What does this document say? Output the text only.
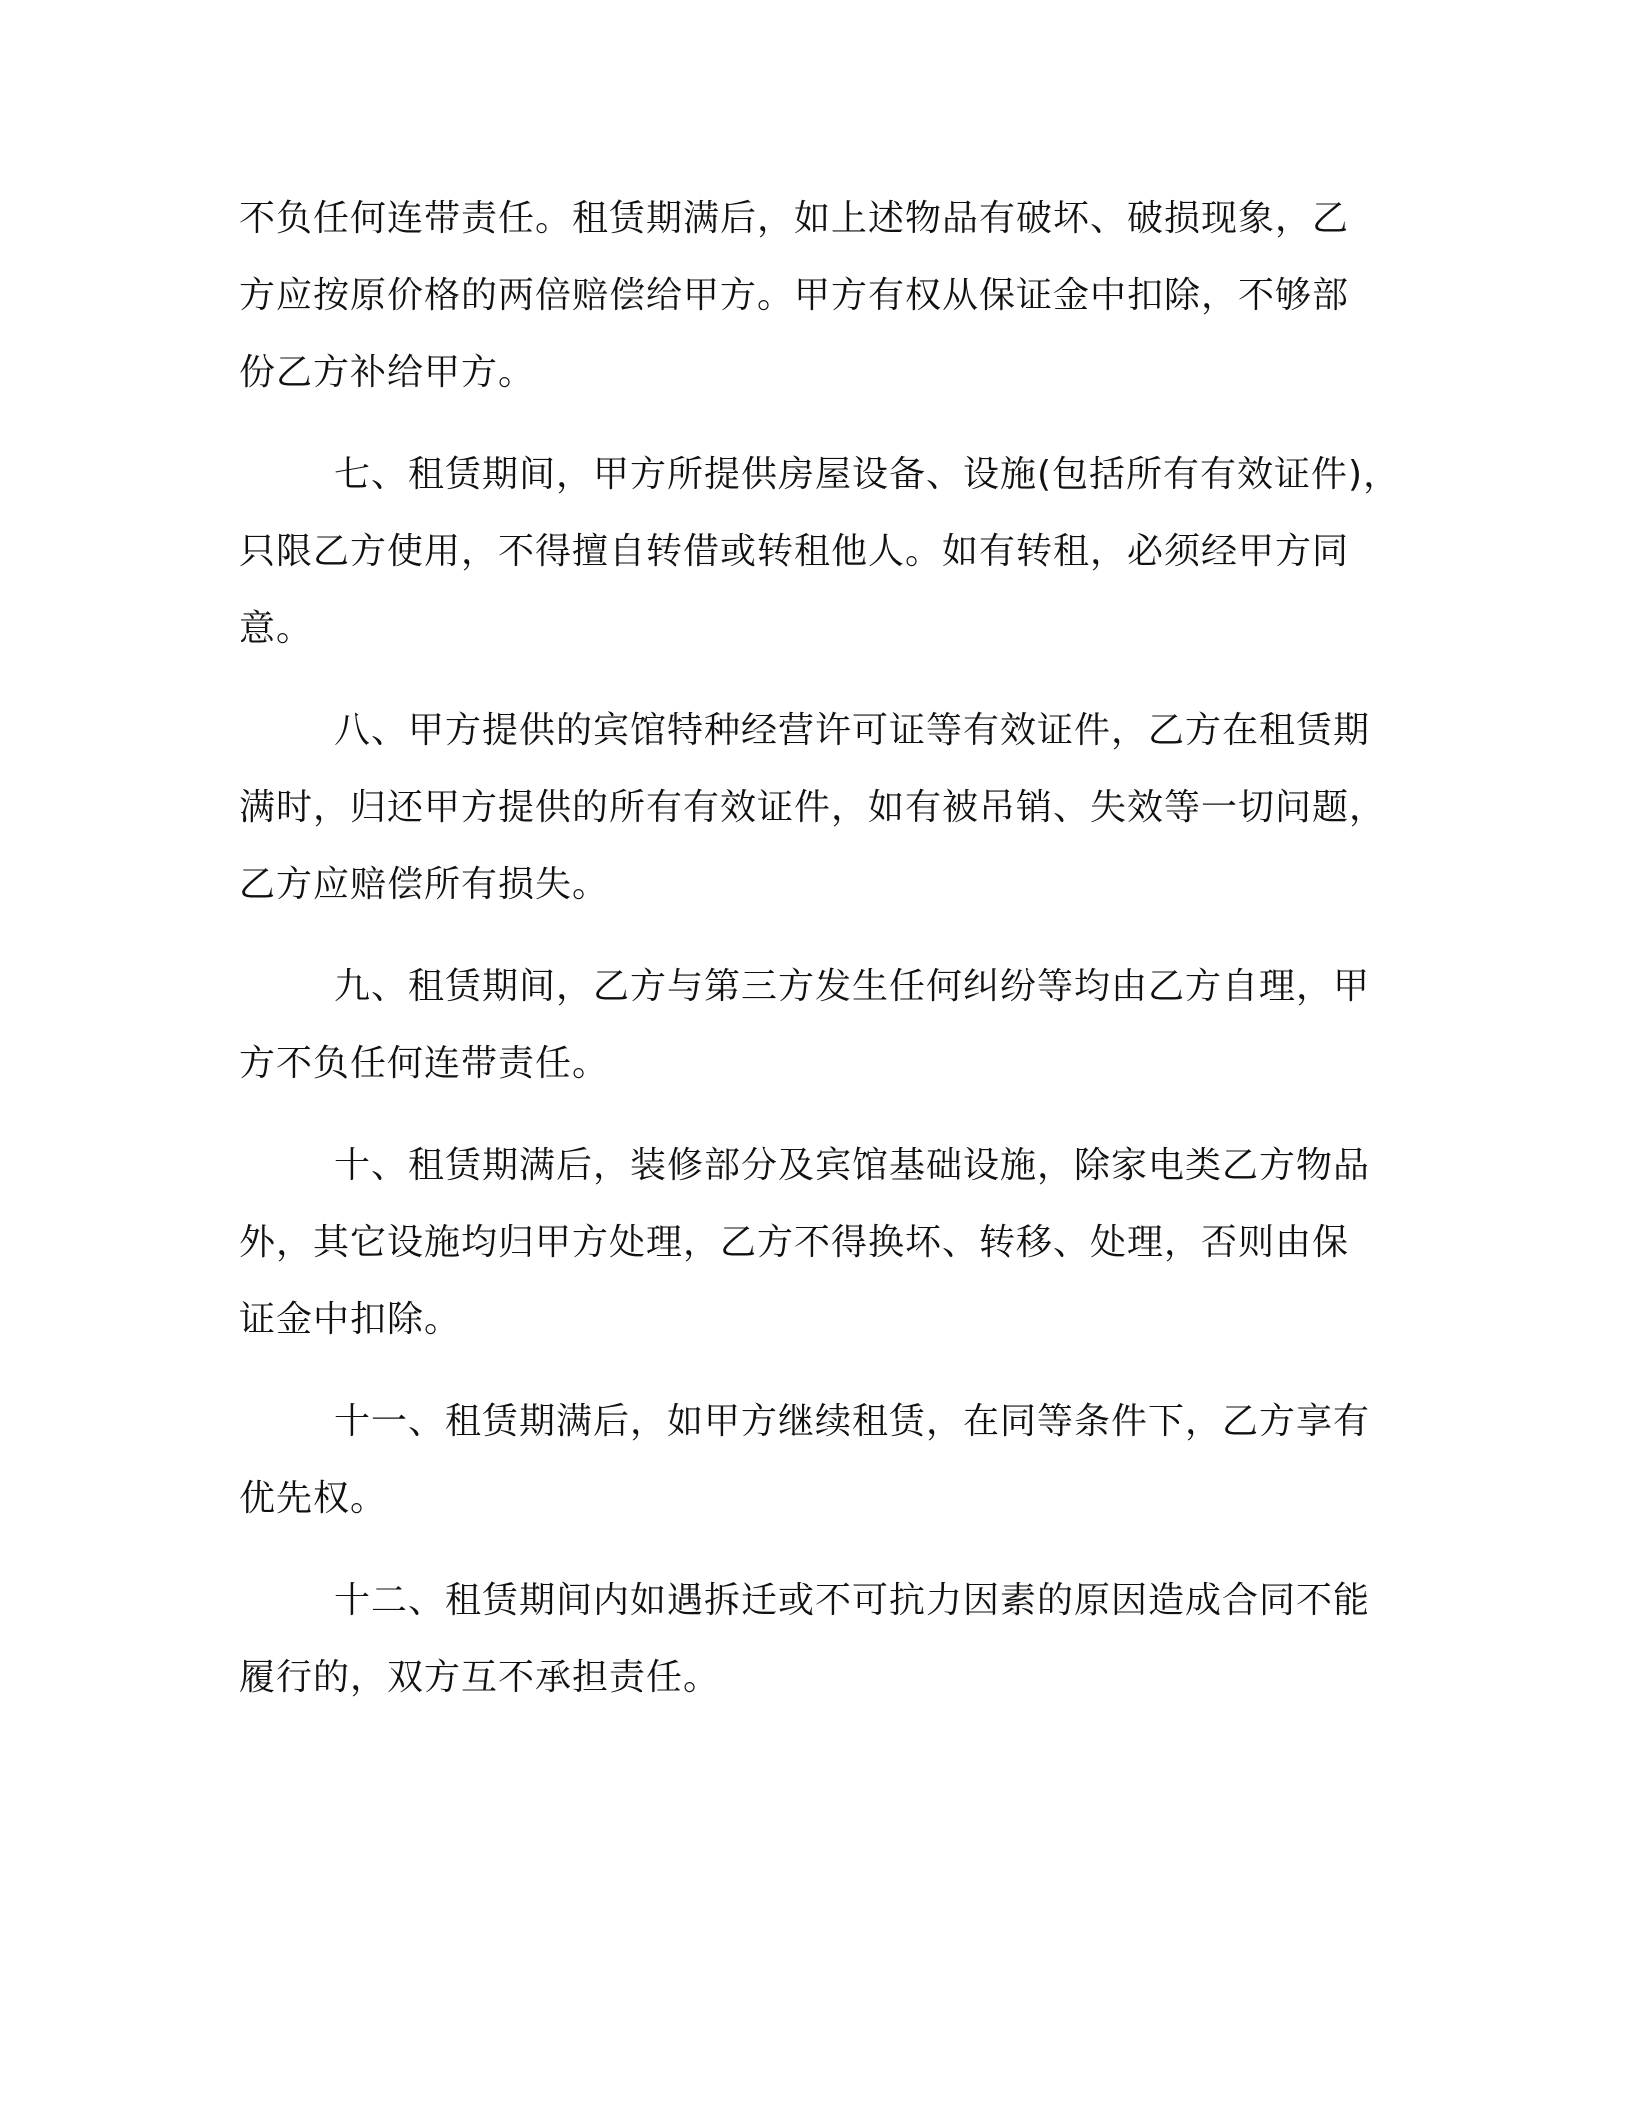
不负任何连带责任。租赁期满后，如上述物品有破坏、破损现象，乙
方应按原价格的两倍赔偿给甲方。甲方有权从保证金中扣除，不够部
份乙方补给甲方。
七、租赁期间，甲方所提供房屋设备、设施(包括所有有效证件)，
只限乙方使用，不得擅自转借或转租他人。如有转租，必须经甲方同
意。
八、甲方提供的宾馆特种经营许可证等有效证件，乙方在租赁期
满时，归还甲方提供的所有有效证件，如有被吊销、失效等一切问题，
乙方应赔偿所有损失。
九、租赁期间，乙方与第三方发生任何纠纷等均由乙方自理，甲
方不负任何连带责任。
十、租赁期满后，装修部分及宾馆基础设施，除家电类乙方物品
外，其它设施均归甲方处理，乙方不得换坏、转移、处理，否则由保
证金中扣除。
十一、租赁期满后，如甲方继续租赁，在同等条件下，乙方享有
优先权。
十二、租赁期间内如遇拆迁或不可抗力因素的原因造成合同不能
履行的，双方互不承担责任。
